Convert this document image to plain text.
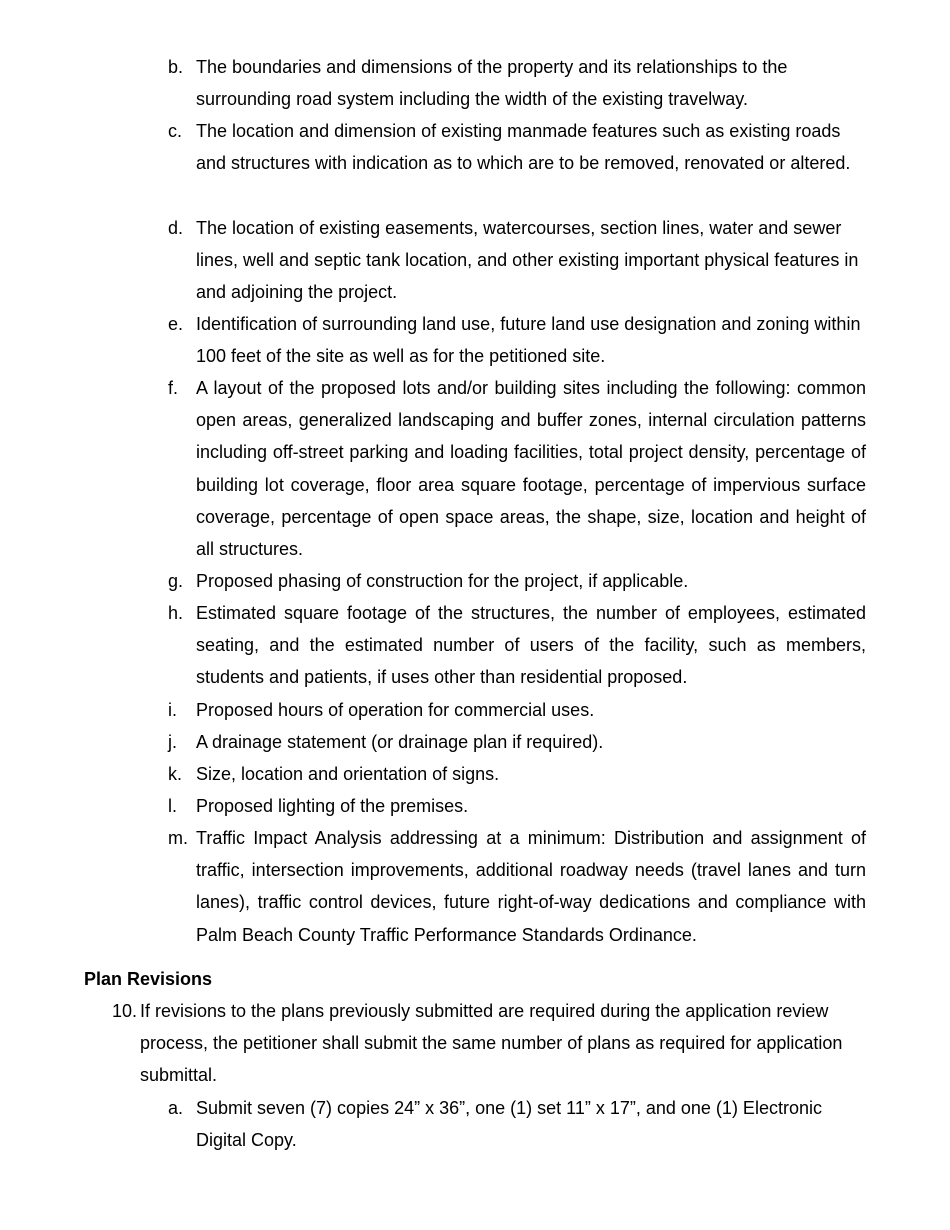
b. The boundaries and dimensions of the property and its relationships to the surrounding road system including the width of the existing travelway.
c. The location and dimension of existing manmade features such as existing roads and structures with indication as to which are to be removed, renovated or altered.
d. The location of existing easements, watercourses, section lines, water and sewer lines, well and septic tank location, and other existing important physical features in and adjoining the project.
e. Identification of surrounding land use, future land use designation and zoning within 100 feet of the site as well as for the petitioned site.
f. A layout of the proposed lots and/or building sites including the following: common open areas, generalized landscaping and buffer zones, internal circulation patterns including off-street parking and loading facilities, total project density, percentage of building lot coverage, floor area square footage, percentage of impervious surface coverage, percentage of open space areas, the shape, size, location and height of all structures.
g. Proposed phasing of construction for the project, if applicable.
h. Estimated square footage of the structures, the number of employees, estimated seating, and the estimated number of users of the facility, such as members, students and patients, if uses other than residential proposed.
i.	Proposed hours of operation for commercial uses.
j.	A drainage statement (or drainage plan if required).
k. Size, location and orientation of signs.
l.	Proposed lighting of the premises.
m. Traffic Impact Analysis addressing at a minimum: Distribution and assignment of traffic, intersection improvements, additional roadway needs (travel lanes and turn lanes), traffic control devices, future right-of-way dedications and compliance with Palm Beach County Traffic Performance Standards Ordinance.
Plan Revisions
10. If revisions to the plans previously submitted are required during the application review process, the petitioner shall submit the same number of plans as required for application submittal.
a. Submit seven (7) copies 24” x 36”, one (1) set 11” x 17”, and one (1) Electronic Digital Copy.
